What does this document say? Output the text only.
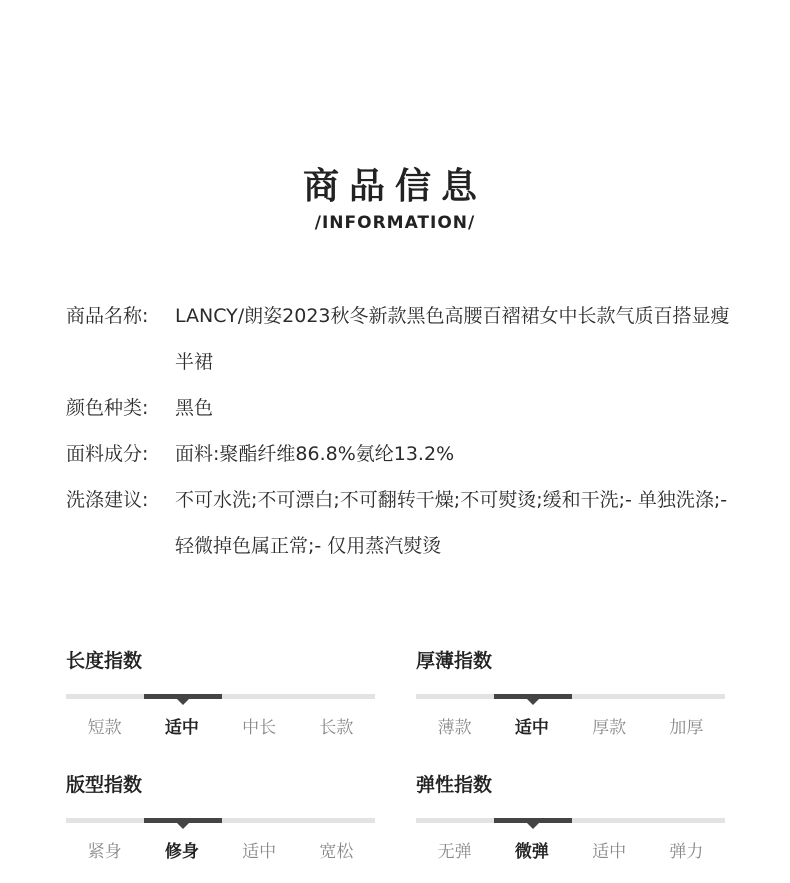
商品信息
/INFORMATION/
商品名称:	LANCY/朗姿2023秋冬新款黑色高腰百褶裙女中长款气质百搭显瘦半裙
颜色种类:	黑色
面料成分:	面料:聚酯纤维86.8%氨纶13.2%
洗涤建议:	不可水洗;不可漂白;不可翻转干燥;不可熨烫;缓和干洗;- 单独洗涤;- 轻微掉色属正常;- 仅用蒸汽熨烫
长度指数
短款	适中	中长	长款
厚薄指数
薄款	适中	厚款	加厚
版型指数
紧身	修身	适中	宽松
弹性指数
无弹	微弹	适中	弹力
